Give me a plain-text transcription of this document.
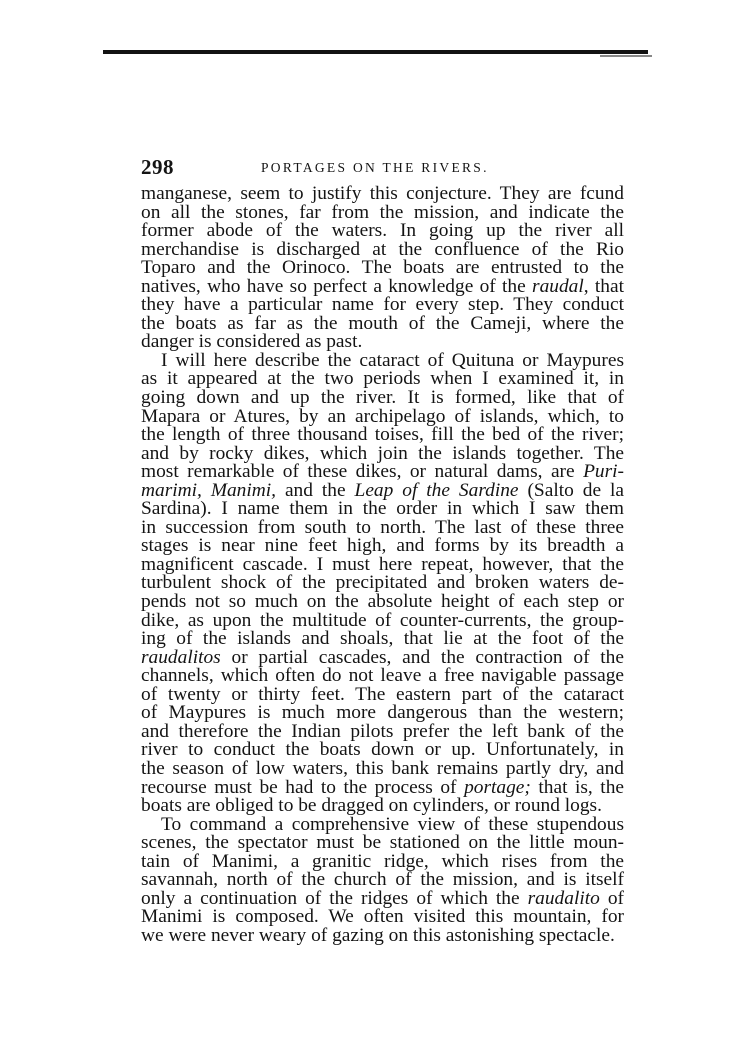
298	PORTAGES ON THE RIVERS.
manganese, seem to justify this conjecture. They are fcund
on all the stones, far from the mission, and indicate the
former abode of the waters. In going up the river all
merchandise is discharged at the confluence of the Rio
Toparo and the Orinoco. The boats are entrusted to the
natives, who have so perfect a knowledge of the raudal, that
they have a particular name for every step. They conduct
the boats as far as the mouth of the Cameji, where the
danger is considered as past.
I will here describe the cataract of Quituna or Maypures
as it appeared at the two periods when I examined it, in
going down and up the river. It is formed, like that of
Mapara or Atures, by an archipelago of islands, which, to
the length of three thousand toises, fill the bed of the river;
and by rocky dikes, which join the islands together. The
most remarkable of these dikes, or natural dams, are Puri-
marimi, Manimi, and the Leap of the Sardine (Salto de la
Sardina). I name them in the order in which I saw them
in succession from south to north. The last of these three
stages is near nine feet high, and forms by its breadth a
magnificent cascade. I must here repeat, however, that the
turbulent shock of the precipitated and broken waters de-
pends not so much on the absolute height of each step or
dike, as upon the multitude of counter-currents, the group-
ing of the islands and shoals, that lie at the foot of the
raudalitos or partial cascades, and the contraction of the
channels, which often do not leave a free navigable passage
of twenty or thirty feet. The eastern part of the cataract
of Maypures is much more dangerous than the western;
and therefore the Indian pilots prefer the left bank of the
river to conduct the boats down or up. Unfortunately, in
the season of low waters, this bank remains partly dry, and
recourse must be had to the process of portage; that is, the
boats are obliged to be dragged on cylinders, or round logs.
To command a comprehensive view of these stupendous
scenes, the spectator must be stationed on the little moun-
tain of Manimi, a granitic ridge, which rises from the
savannah, north of the church of the mission, and is itself
only a continuation of the ridges of which the raudalito of
Manimi is composed. We often visited this mountain, for
we were never weary of gazing on this astonishing spectacle.
